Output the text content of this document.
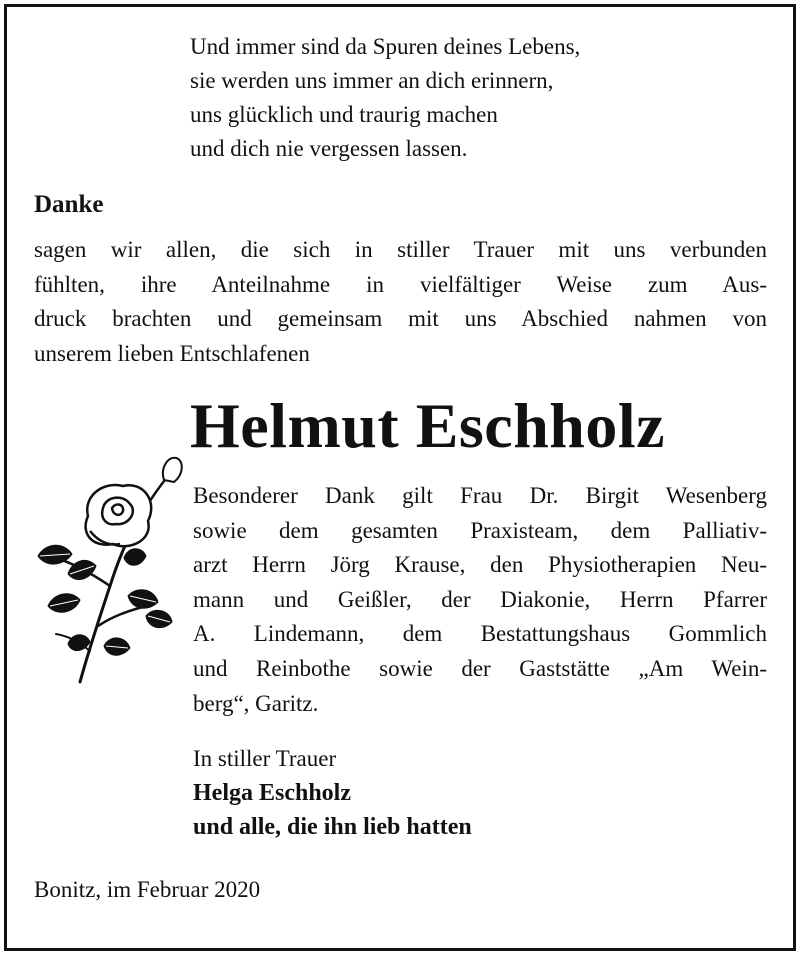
Und immer sind da Spuren deines Lebens,
sie werden uns immer an dich erinnern,
uns glücklich und traurig machen
und dich nie vergessen lassen.
Danke
sagen wir allen, die sich in stiller Trauer mit uns verbunden
fühlten, ihre Anteilnahme in vielfältiger Weise zum Aus-
druck brachten und gemeinsam mit uns Abschied nahmen von
unserem lieben Entschlafenen
Helmut Eschholz
Besonderer Dank gilt Frau Dr. Birgit Wesenberg
sowie dem gesamten Praxisteam, dem Palliativ-
arzt Herrn Jörg Krause, den Physiotherapien Neu-
mann und Geißler, der Diakonie, Herrn Pfarrer
A. Lindemann, dem Bestattungshaus Gommlich
und Reinbothe sowie der Gaststätte „Am Wein-
berg“, Garitz.
In stiller Trauer
Helga Eschholz
und alle, die ihn lieb hatten
Bonitz, im Februar 2020
